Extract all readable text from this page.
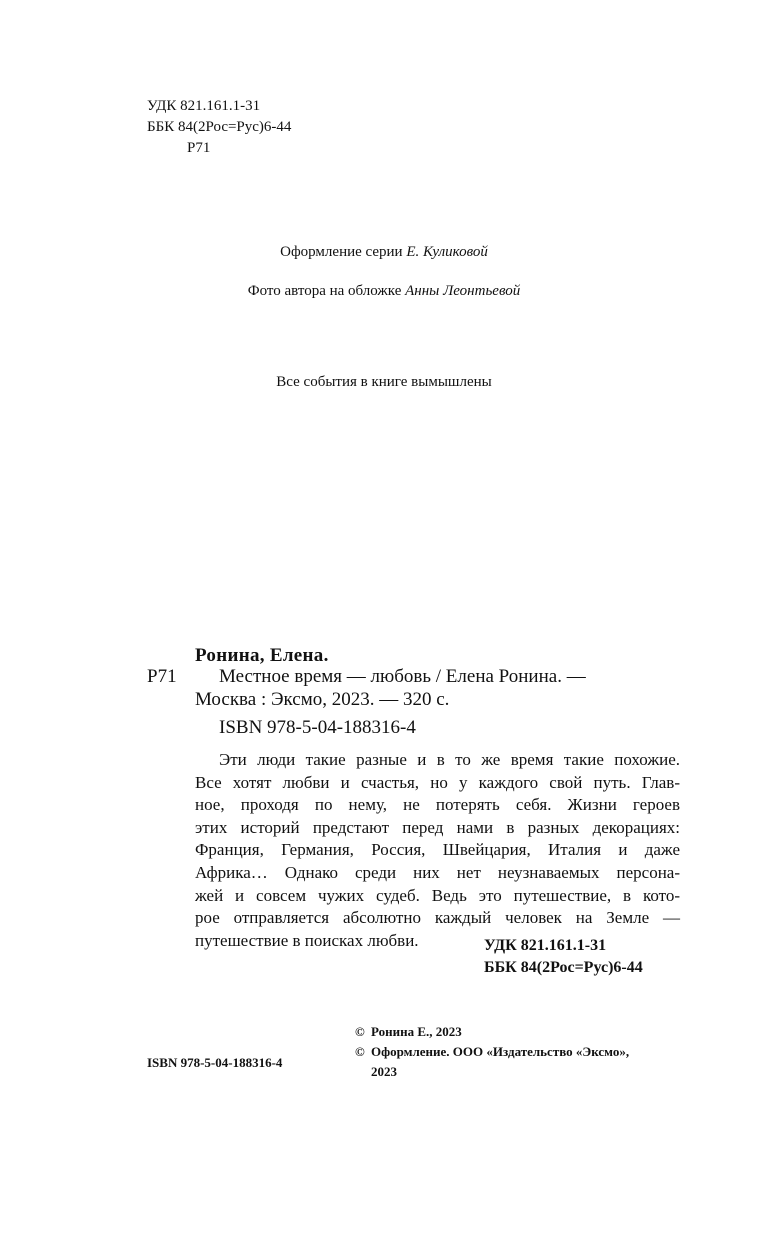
УДК 821.161.1-31
ББК 84(2Рос=Рус)6-44
Р71
Оформление серии Е. Куликовой
Фото автора на обложке Анны Леонтьевой
Все события в книге вымышлены
Ронина, Елена.
Р71 Местное время — любовь / Елена Ронина. —
Москва : Эксмо, 2023. — 320 с.
ISBN 978-5-04-188316-4
Эти люди такие разные и в то же время такие похожие.
Все хотят любви и счастья, но у каждого свой путь. Глав-
ное, проходя по нему, не потерять себя. Жизни героев
этих историй предстают перед нами в разных декорациях:
Франция, Германия, Россия, Швейцария, Италия и даже
Африка… Однако среди них нет неузнаваемых персона-
жей и совсем чужих судеб. Ведь это путешествие, в кото-
рое отправляется абсолютно каждый человек на Земле —
путешествие в поисках любви.	УДК 821.161.1-31
ББК 84(2Рос=Рус)6-44
© Ронина Е., 2023
© Оформление. ООО «Издательство «Эксмо»,
2023
ISBN 978-5-04-188316-4
